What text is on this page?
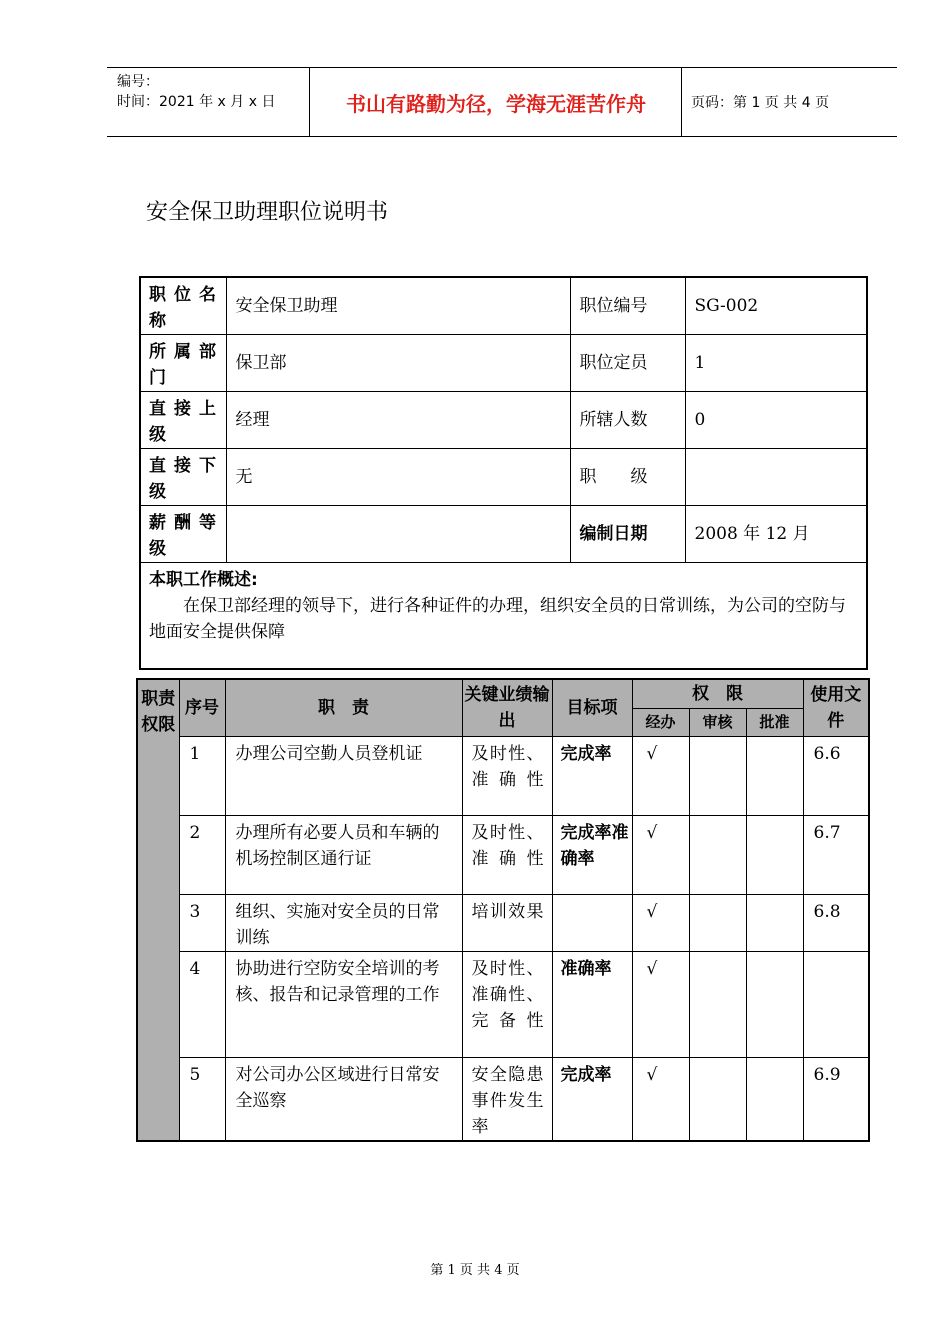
编号：
时间：2021 年 x 月 x 日	书山有路勤为径，学海无涯苦作舟	页码：第 1 页 共 4 页
安全保卫助理职位说明书
职位名称	安全保卫助理	职位编号	SG-002
所属部门	保卫部	职位定员	1
直接上级	经理	所辖人数	0
直接下级	无	职　　级	
薪酬等级		编制日期	2008 年 12 月

本职工作概述:
在保卫部经理的领导下，进行各种证件的办理，组织安全员的日常训练，为公司的空防与地面安全提供保障			
职责权限	序号	职　责	关键业绩输出	目标项	权　限			使用文件
					经办	审核	批准	
	1	办理公司空勤人员登机证	及时性、准确性	完成率	√			6.6
	2	办理所有必要人员和车辆的机场控制区通行证	及时性、准确性	完成率准确率	√			6.7
	3	组织、实施对安全员的日常训练	培训效果		√			6.8
	4	协助进行空防安全培训的考核、报告和记录管理的工作	及时性、准确性、完备性	准确率	√			
	5	对公司办公区域进行日常安全巡察	安全隐患事件发生率	完成率	√			6.9
第 1 页 共 4 页
